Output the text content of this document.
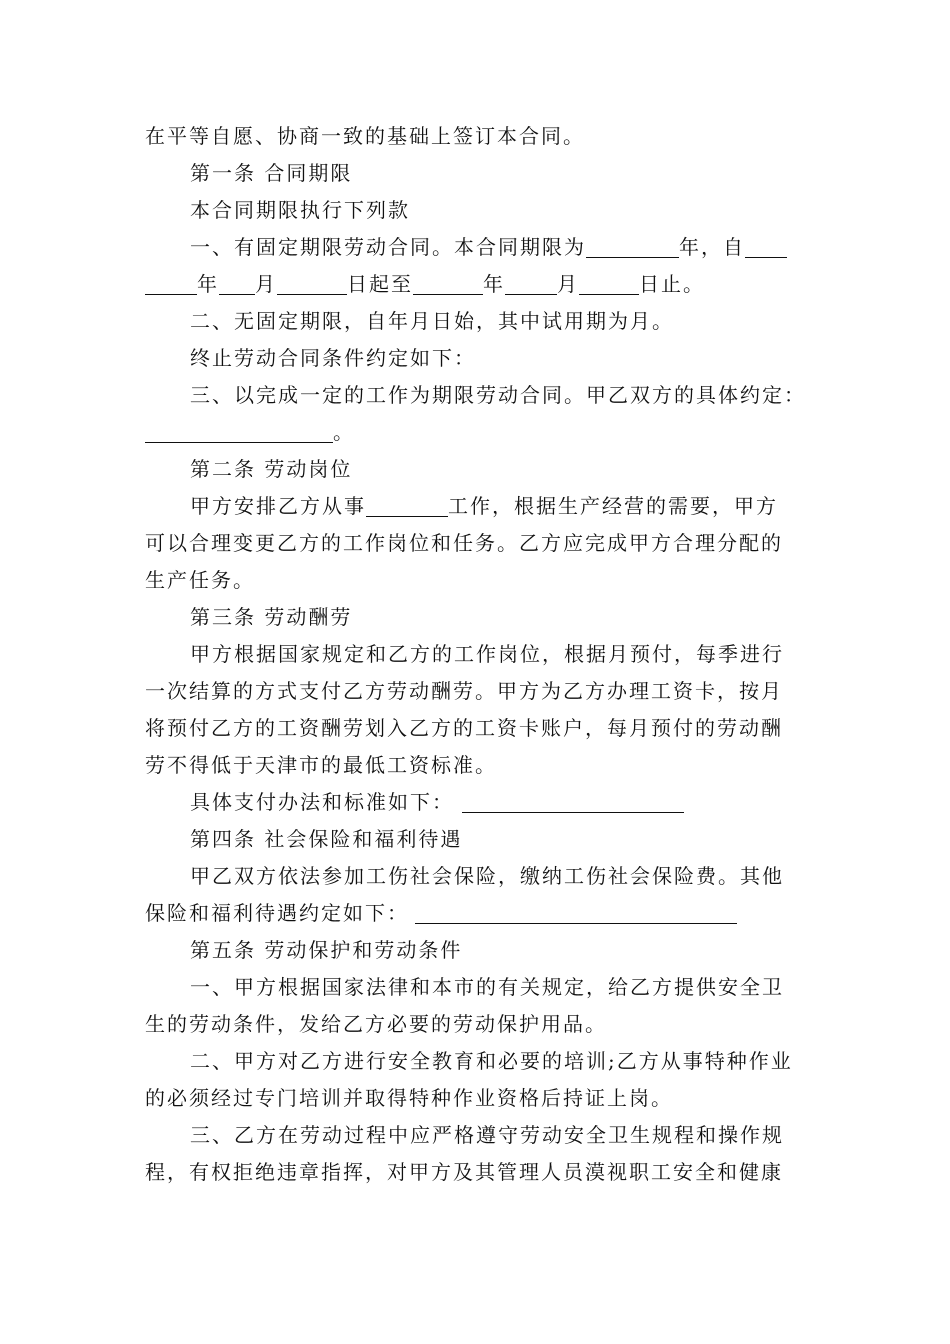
在平等自愿、协商一致的基础上签订本合同。
第一条 合同期限
本合同期限执行下列款
一、有固定期限劳动合同。本合同期限为	年，自
年 月	日起至	年	月	日止。
二、无固定期限，自年月日始，其中试用期为月。
终止劳动合同条件约定如下：
三、以完成一定的工作为期限劳动合同。甲乙双方的具体约定：
。
第二条 劳动岗位
甲方安排乙方从事	工作，根据生产经营的需要，甲方
可以合理变更乙方的工作岗位和任务。乙方应完成甲方合理分配的
生产任务。
第三条 劳动酬劳
甲方根据国家规定和乙方的工作岗位，根据月预付，每季进行
一次结算的方式支付乙方劳动酬劳。甲方为乙方办理工资卡，按月
将预付乙方的工资酬劳划入乙方的工资卡账户，每月预付的劳动酬
劳不得低于天津市的最低工资标准。
具体支付办法和标准如下：
第四条 社会保险和福利待遇
甲乙双方依法参加工伤社会保险，缴纳工伤社会保险费。其他
保险和福利待遇约定如下：
第五条 劳动保护和劳动条件
一、甲方根据国家法律和本市的有关规定，给乙方提供安全卫
生的劳动条件，发给乙方必要的劳动保护用品。
二、甲方对乙方进行安全教育和必要的培训;乙方从事特种作业
的必须经过专门培训并取得特种作业资格后持证上岗。
三、乙方在劳动过程中应严格遵守劳动安全卫生规程和操作规
程，有权拒绝违章指挥，对甲方及其管理人员漠视职工安全和健康
